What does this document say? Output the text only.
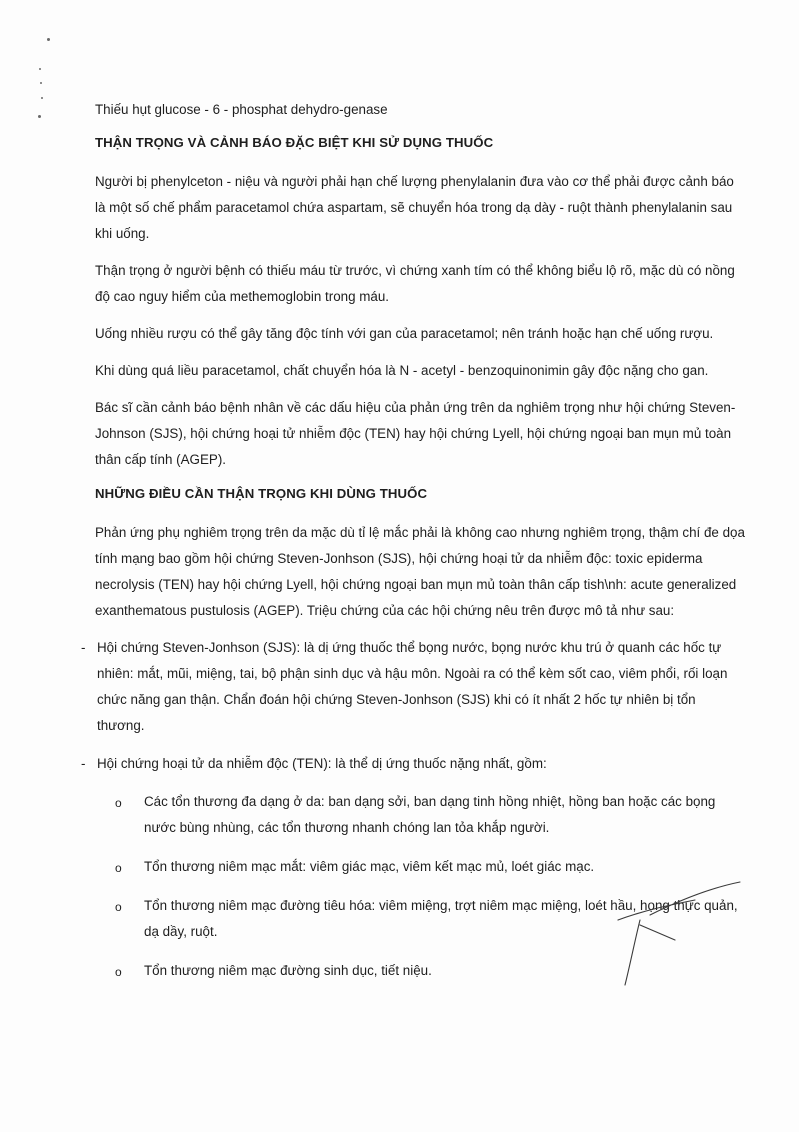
Thiếu hụt glucose - 6 - phosphat dehydro-genase

THẬN TRỌNG VÀ CẢNH BÁO ĐẶC BIỆT KHI SỬ DỤNG THUỐC

Người bị phenylceton - niệu và người phải hạn chế lượng phenylalanin đưa vào cơ thể phải được cảnh báo là một số chế phẩm paracetamol chứa aspartam, sẽ chuyển hóa trong dạ dày - ruột thành phenylalanin sau khi uống.

Thận trọng ở người bệnh có thiếu máu từ trước, vì chứng xanh tím có thể không biểu lộ rõ, mặc dù có nồng độ cao nguy hiểm của methemoglobin trong máu.

Uống nhiều rượu có thể gây tăng độc tính với gan của paracetamol; nên tránh hoặc hạn chế uống rượu.

Khi dùng quá liều paracetamol, chất chuyển hóa là N - acetyl - benzoquinonimin gây độc nặng cho gan.

Bác sĩ cần cảnh báo bệnh nhân về các dấu hiệu của phản ứng trên da nghiêm trọng như hội chứng Steven-Johnson (SJS), hội chứng hoại tử nhiễm độc (TEN) hay hội chứng Lyell, hội chứng ngoại ban mụn mủ toàn thân cấp tính (AGEP).

NHỮNG ĐIỀU CẦN THẬN TRỌNG KHI DÙNG THUỐC

Phản ứng phụ nghiêm trọng trên da mặc dù tỉ lệ mắc phải là không cao nhưng nghiêm trọng, thậm chí đe dọa tính mạng bao gồm hội chứng Steven-Jonhson (SJS), hội chứng hoại tử da nhiễm độc: toxic epiderma necrolysis (TEN) hay hội chứng Lyell, hội chứng ngoại ban mụn mủ toàn thân cấp tish\nh: acute generalized exanthematous pustulosis (AGEP). Triệu chứng của các hội chứng nêu trên được mô tả như sau:

- Hội chứng Steven-Jonhson (SJS): là dị ứng thuốc thể bọng nước, bọng nước khu trú ở quanh các hốc tự nhiên: mắt, mũi, miệng, tai, bộ phận sinh dục và hậu môn. Ngoài ra có thể kèm sốt cao, viêm phổi, rối loạn chức năng gan thận. Chẩn đoán hội chứng Steven-Jonhson (SJS) khi có ít nhất 2 hốc tự nhiên bị tổn thương.
- Hội chứng hoại tử da nhiễm độc (TEN): là thể dị ứng thuốc nặng nhất, gồm:
o Các tổn thương đa dạng ở da: ban dạng sởi, ban dạng tinh hồng nhiệt, hồng ban hoặc các bọng nước bùng nhùng, các tổn thương nhanh chóng lan tỏa khắp người.
o Tổn thương niêm mạc mắt: viêm giác mạc, viêm kết mạc mủ, loét giác mạc.
o Tổn thương niêm mạc đường tiêu hóa: viêm miệng, trợt niêm mạc miệng, loét hầu, họng thực quản, dạ dầy, ruột.
o Tổn thương niêm mạc đường sinh dục, tiết niệu.
